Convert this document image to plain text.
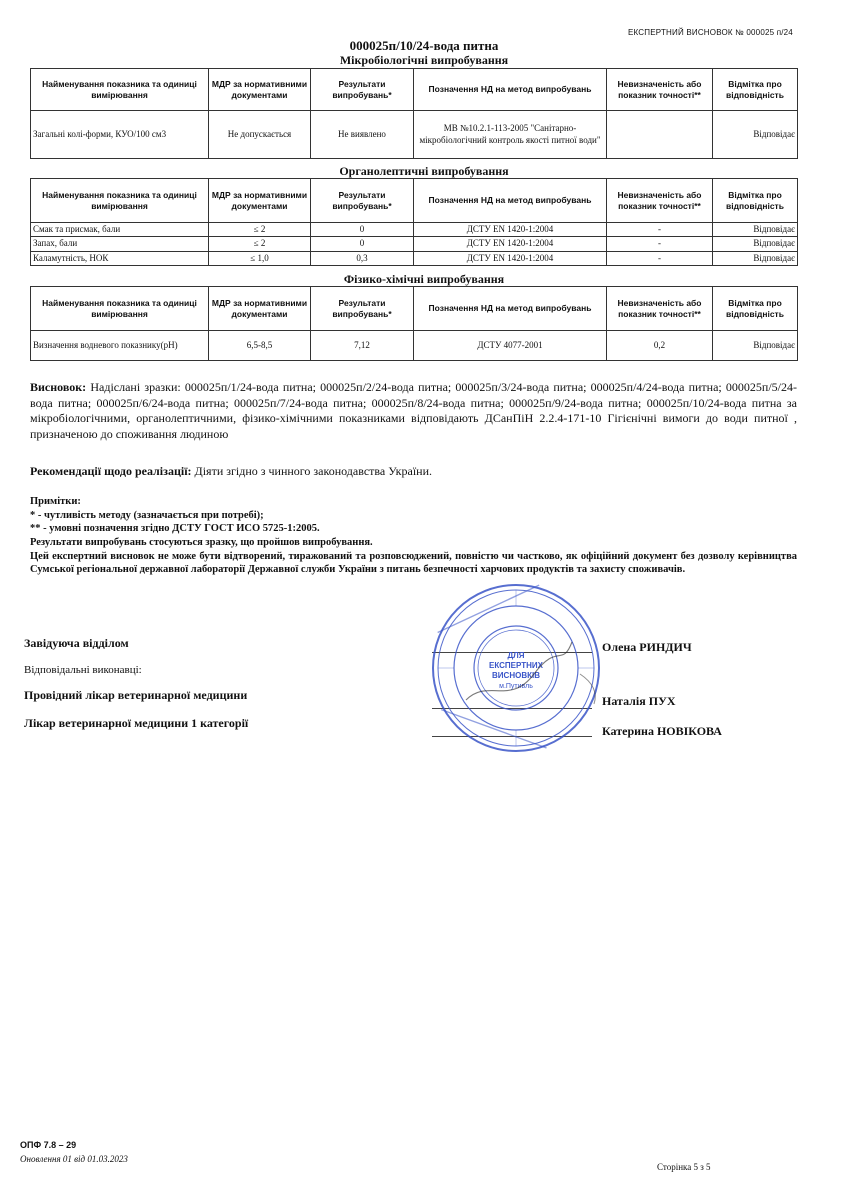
ЕКСПЕРТНИЙ ВИСНОВОК № 000025 п/24
000025п/10/24-вода питна
Мікробіологічні випробування
Найменування показника та одиниці вимірювання	МДР за нормативними документами	Результати випробувань*	Позначення НД на метод випробувань	Невизначеність або показник точності**	Відмітка про відповідність
Загальні колі-форми, КУО/100 см3	Не допускається	Не виявлено	МВ №10.2.1-113-2005 "Санітарно-мікробіологічний контроль якості питної води"		Відповідає
Органолептичні випробування
Найменування показника та одиниці вимірювання	МДР за нормативними документами	Результати випробувань*	Позначення НД на метод випробувань	Невизначеність або показник точності**	Відмітка про відповідність
Смак та присмак, бали	≤ 2	0	ДСТУ EN 1420-1:2004	-	Відповідає
Запах, бали	≤ 2	0	ДСТУ EN 1420-1:2004	-	Відповідає
Каламутність, НОК	≤ 1,0	0,3	ДСТУ EN 1420-1:2004	-	Відповідає
Фізико-хімічні випробування
Найменування показника та одиниці вимірювання	МДР за нормативними документами	Результати випробувань*	Позначення НД на метод випробувань	Невизначеність або показник точності**	Відмітка про відповідність
Визначення водневого показнику(pH)	6,5-8,5	7,12	ДСТУ 4077-2001	0,2	Відповідає
Висновок: Надіслані зразки: 000025п/1/24-вода питна; 000025п/2/24-вода питна; 000025п/3/24-вода питна; 000025п/4/24-вода питна; 000025п/5/24-вода питна; 000025п/6/24-вода питна; 000025п/7/24-вода питна; 000025п/8/24-вода питна; 000025п/9/24-вода питна; 000025п/10/24-вода питна за мікробіологічними, органолептичними, фізико-хімічними показниками відповідають ДСанПіН 2.2.4-171-10 Гігієнічні вимоги до води питної , призначеною до споживання людиною
Рекомендації щодо реалізації: Діяти згідно з чинного законодавства України.
Примітки:
* - чутливість методу (зазначається при потребі);
** - умовні позначення згідно ДСТУ ГОСТ ИСО 5725-1:2005.
Результати випробувань стосуються зразку, що пройшов випробування.
Цей експертний висновок не може бути відтворений, тиражований та розповсюджений, повністю чи частково, як офіційний документ без дозволу керівництва Сумської регіональної державної лабораторії Державної служби України з питань безпечності харчових продуктів та захисту споживачів.
Завідуюча відділом	Олена РИНДИЧ
Відповідальні виконавці:
Провідний лікар ветеринарної медицини	Наталія ПУХ
Лікар ветеринарної медицини 1 категорії
Катерина НОВІКОВА
ДЛЯ
ЕКСПЕРТНИХ
ВИСНОВКІВ
м.Путивль
ОПФ 7.8 – 29
Оновлення 01 від 01.03.2023
Сторінка 5 з 5
